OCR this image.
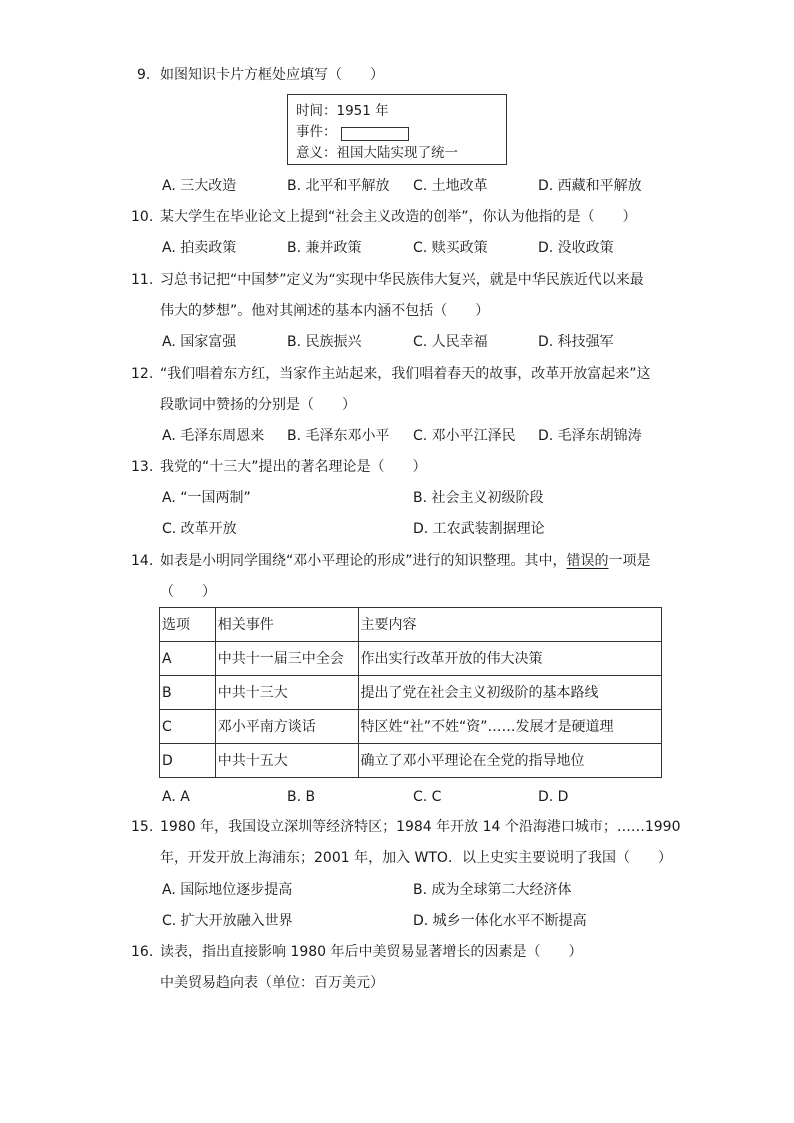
9. 如图知识卡片方框处应填写（　　）
时间：1951 年
事件：
意义：祖国大陆实现了统一
A. 三大改造	B. 北平和平解放 C. 土地改革	D. 西藏和平解放
10. 某大学生在毕业论文上提到“社会主义改造的创举”，你认为他指的是（　　）
A. 拍卖政策	B. 兼并政策	C. 赎买政策	D. 没收政策
11. 习总书记把“中国梦”定义为“实现中华民族伟大复兴，就是中华民族近代以来最
伟大的梦想”。他对其阐述的基本内涵不包括（　　）
A. 国家富强	B. 民族振兴	C. 人民幸福	D. 科技强军
12. “我们唱着东方红，当家作主站起来，我们唱着春天的故事，改革开放富起来”这
段歌词中赞扬的分别是（　　）
A. 毛泽东周恩来 B. 毛泽东邓小平 C. 邓小平江泽民 D. 毛泽东胡锦涛
13. 我党的“十三大”提出的著名理论是（　　）
A. “一国两制”	B. 社会主义初级阶段
C. 改革开放	D. 工农武装割据理论
14. 如表是小明同学围绕“邓小平理论的形成”进行的知识整理。其中，错误的一项是
（　　）
选项	相关事件	主要内容
A	中共十一届三中全会	作出实行改革开放的伟大决策
B	中共十三大	提出了党在社会主义初级阶的基本路线
C	邓小平南方谈话	特区姓“社”不姓“资”……发展才是硬道理
D	中共十五大	确立了邓小平理论在全党的指导地位
A. A	B. B	C. C	D. D
15. 1980 年，我国设立深圳等经济特区；1984 年开放 14 个沿海港口城市；……1990
年，开发开放上海浦东；2001 年，加入 WTO．以上史实主要说明了我国（　　）
A. 国际地位逐步提高	B. 成为全球第二大经济体
C. 扩大开放融入世界	D. 城乡一体化水平不断提高
16. 读表，指出直接影响 1980 年后中美贸易显著增长的因素是（　　）
中美贸易趋向表（单位：百万美元）
